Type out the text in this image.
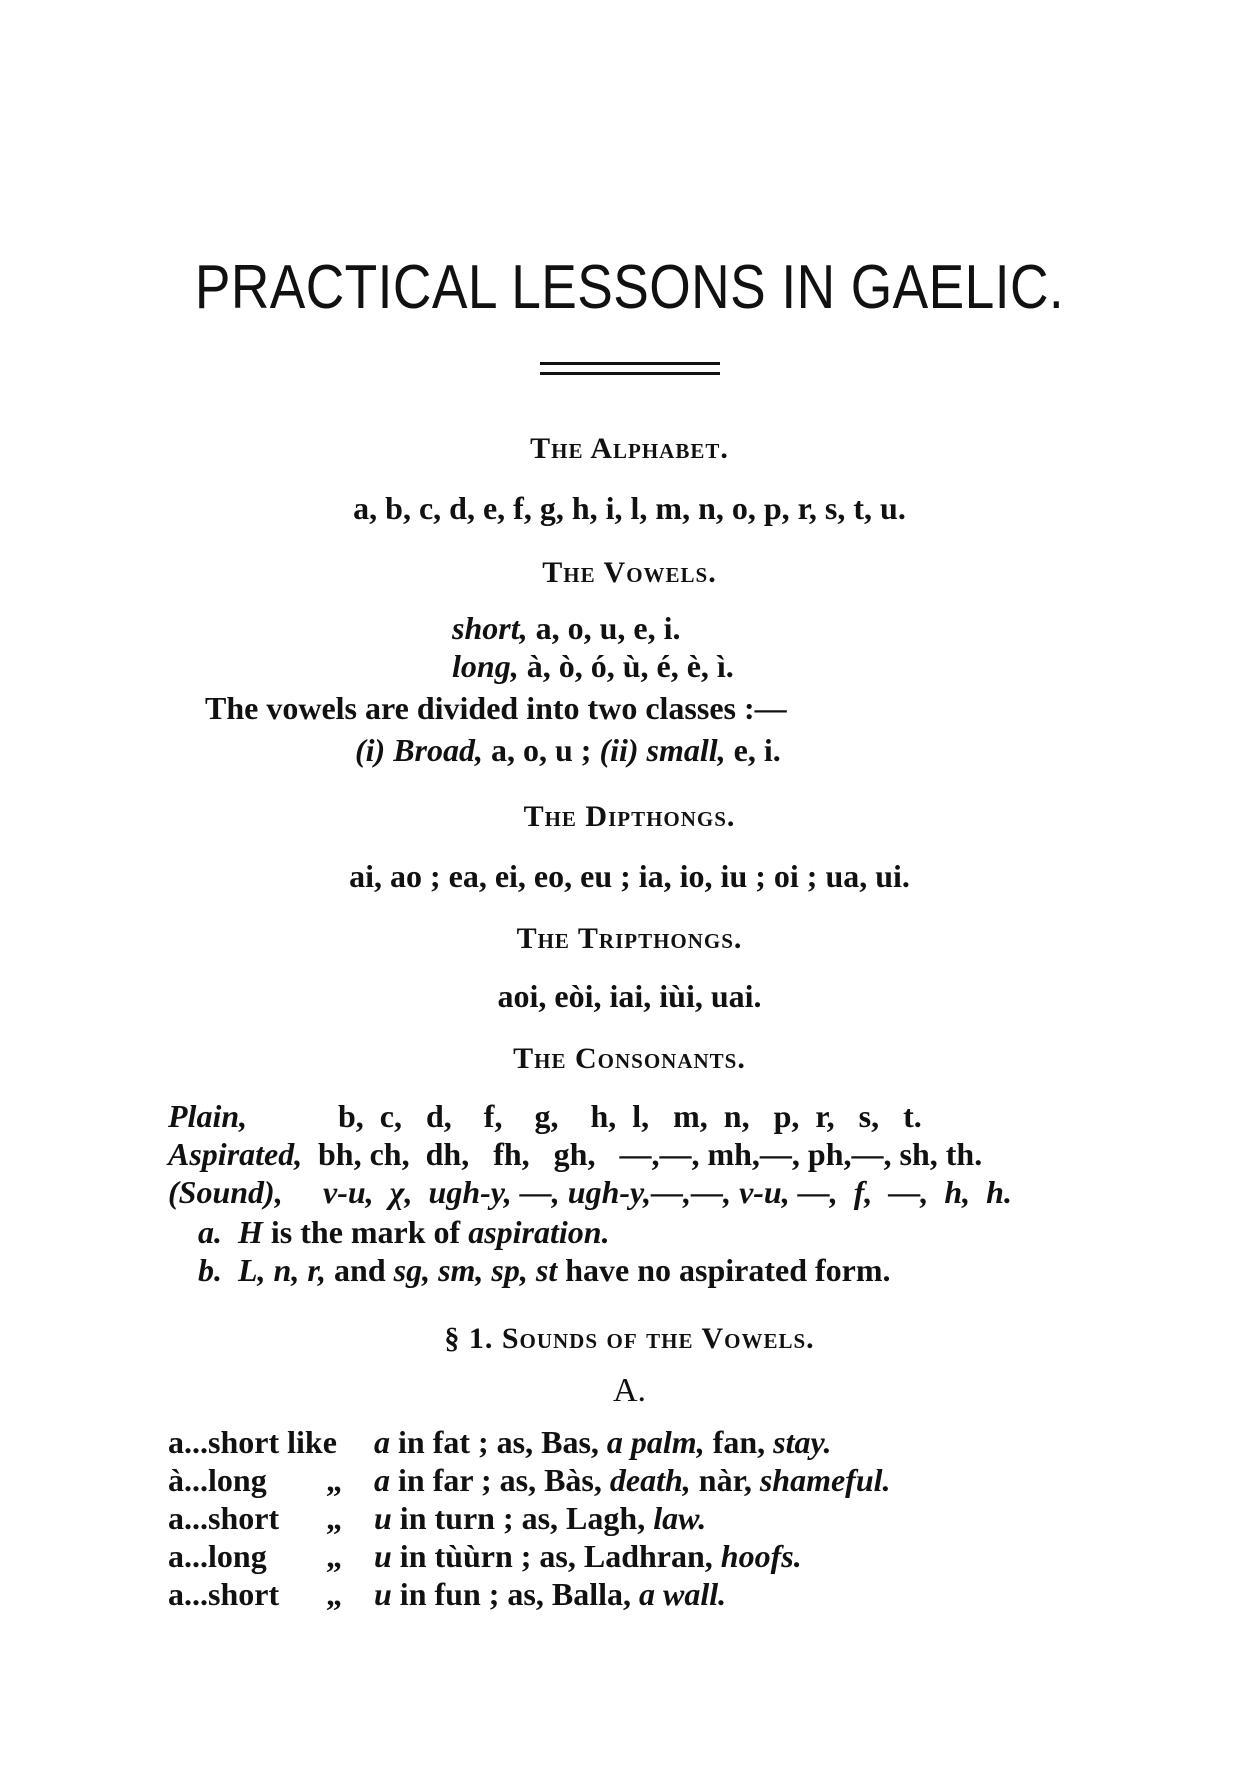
PRACTICAL LESSONS IN GAELIC.
The Alphabet.
a, b, c, d, e, f, g, h, i, l, m, n, o, p, r, s, t, u.
The Vowels.
short, a, o, u, e, i.
long, à, ò, ó, ù, é, è, ì.
The vowels are divided into two classes :—
(i) Broad, a, o, u ; (ii) small, e, i.
The Dipthongs.
ai, ao ; ea, ei, eo, eu ; ia, io, iu ; oi ; ua, ui.
The Tripthongs.
aoi, eòi, iai, iùi, uai.
The Consonants.
Plain,	b,  c,   d,    f,    g,    h,  l,   m,  n,   p,  r,   s,   t.
Aspirated, bh, ch,  dh,   fh,   gh,   —,—, mh,—, ph,—, sh, th.
(Sound), v-u,  χ,  ugh-y, —, ugh-y,—,—, v-u, —,  f,  —,  h,  h.
a. H is the mark of aspiration.
b. L, n, r, and sg, sm, sp, st have no aspirated form.
§ 1. Sounds of the Vowels.
A.
a...short like a in fat ; as, Bas, a palm, fan, stay.
à...long „ a in far ; as, Bàs, death, nàr, shameful.
a...short „ u in turn ; as, Lagh, law.
a...long „ u in tùùrn ; as, Ladhran, hoofs.
a...short „ u in fun ; as, Balla, a wall.
